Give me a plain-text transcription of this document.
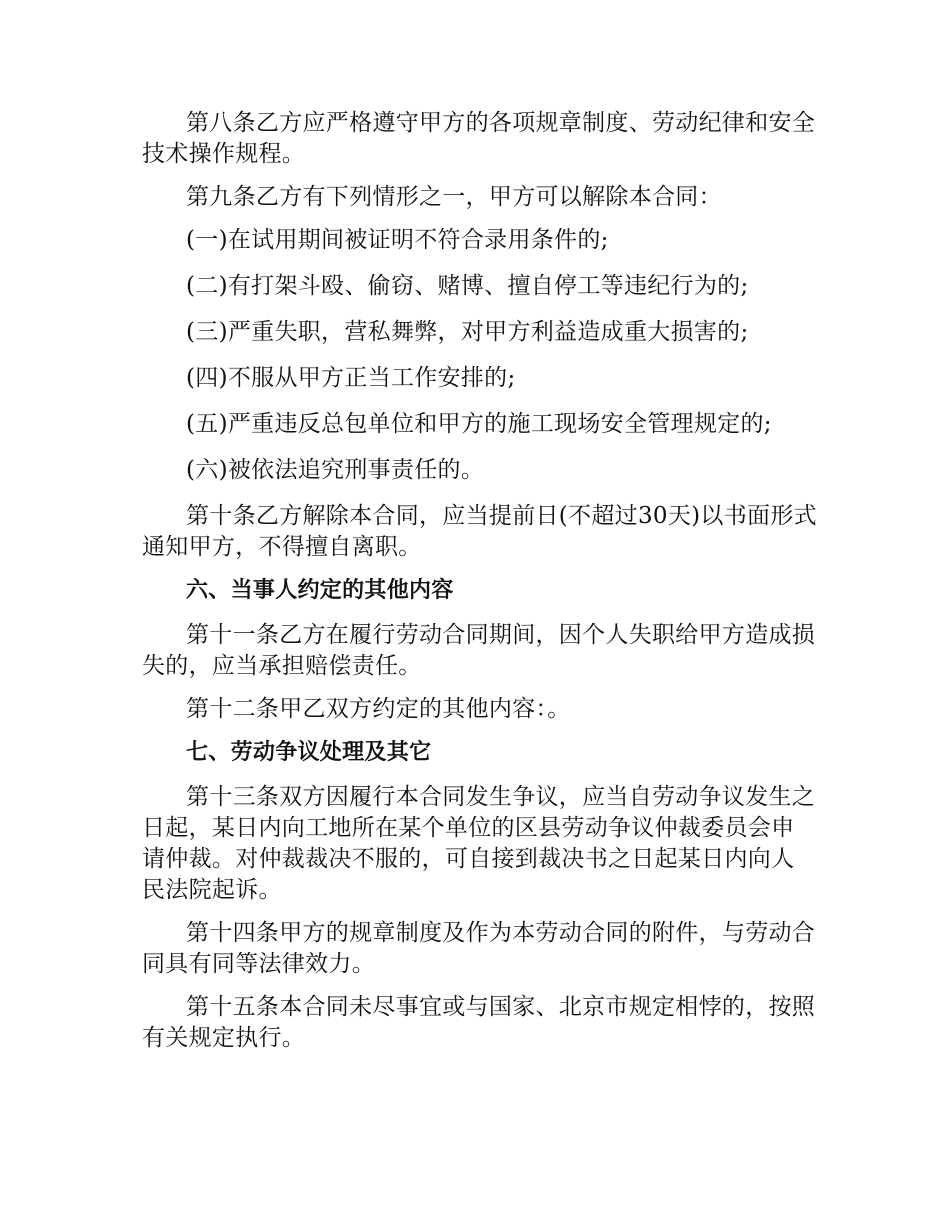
第八条乙方应严格遵守甲方的各项规章制度、劳动纪律和安全技术操作规程。

第九条乙方有下列情形之一，甲方可以解除本合同：

(一)在试用期间被证明不符合录用条件的;

(二)有打架斗殴、偷窃、赌博、擅自停工等违纪行为的;

(三)严重失职，营私舞弊，对甲方利益造成重大损害的;

(四)不服从甲方正当工作安排的;

(五)严重违反总包单位和甲方的施工现场安全管理规定的;

(六)被依法追究刑事责任的。

第十条乙方解除本合同，应当提前日(不超过30天)以书面形式通知甲方，不得擅自离职。

六、当事人约定的其他内容

第十一条乙方在履行劳动合同期间，因个人失职给甲方造成损失的，应当承担赔偿责任。

第十二条甲乙双方约定的其他内容：。

七、劳动争议处理及其它

第十三条双方因履行本合同发生争议，应当自劳动争议发生之日起，某日内向工地所在某个单位的区县劳动争议仲裁委员会申请仲裁。对仲裁裁决不服的，可自接到裁决书之日起某日内向人民法院起诉。

第十四条甲方的规章制度及作为本劳动合同的附件，与劳动合同具有同等法律效力。

第十五条本合同未尽事宜或与国家、北京市规定相悖的，按照有关规定执行。
